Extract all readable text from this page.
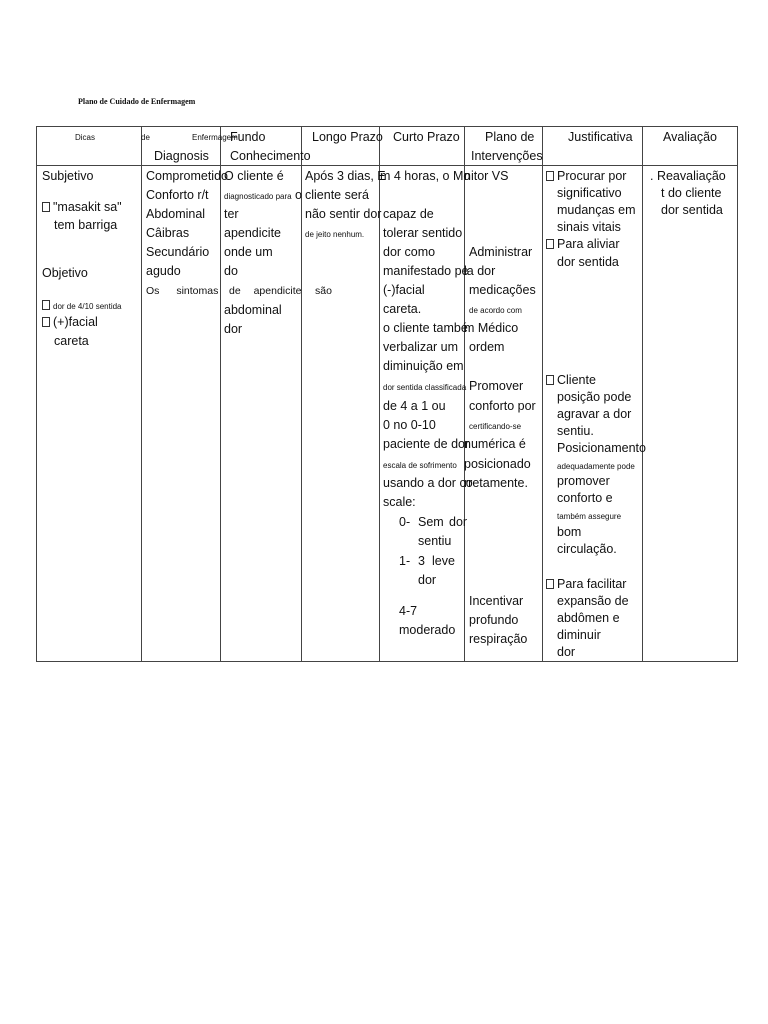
Plano de Cuidado de Enfermagem
Dicas	de	Enfermagem
Diagnosis
Fundo
Conhecimento
Longo Prazo Curto Prazo Plano de
Intervenções
Justificativa Avaliação
Subjetivo
"masakit sa"
tem barriga
Objetivo
dor de 4/10 sentida
(+)facial
careta
Comprometido
Conforto r/t
Abdominal
Câibras
Secundário
agudo
Os sintomas
O cliente é
diagnosticado para o
ter
apendicite
onde um
do
de apendicite são
abdominal
dor
Após 3 dias, E
cliente será
não sentir dor
de jeito nenhum.
m 4 horas, o Mo
capaz de
tolerar sentido
dor como
manifestado pe
(-)facial
careta.
o cliente també
verbalizar um
diminuição em
dor sentida classificada
de 4 a 1 ou
0 no 0-10
paciente de dor
escala de sofrimento
usando a dor co
scale:
0- Sem dor
sentiu
1- 3 leve
dor
4-7
moderado
nitor VS
Administrar
la dor
medicações
de acordo com
m Médico
ordem
Promover
conforto por
certificando-se
numérica é
posicionado
rretamente.
Incentivar
profundo
respiração
Procurar por
significativo
mudanças em
sinais vitais
Para aliviar
dor sentida
Cliente
posição pode
agravar a dor
sentiu.
Posicionamento
adequadamente pode
promover
conforto e
também assegure
bom
circulação.
Para facilitar
expansão de
abdômen e
diminuir
dor
. Reavaliação
t do cliente
dor sentida
